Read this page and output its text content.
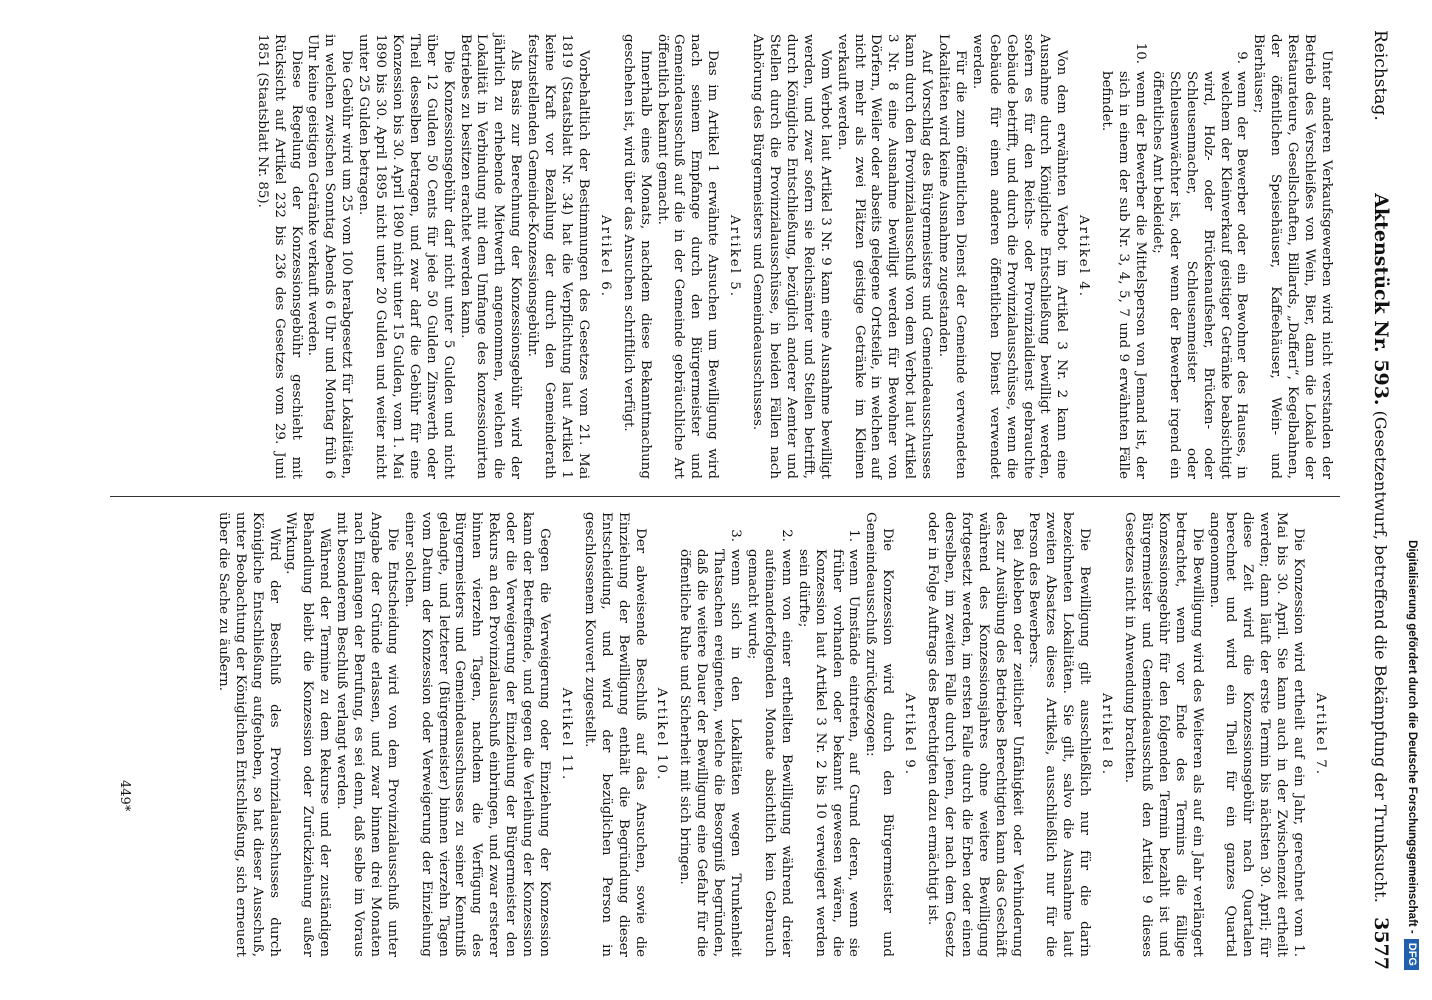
Reichstag.
Aktenstück Nr. 593. (Gesetzentwurf, betreffend die Bekämpfung der Trunksucht.
3577

Unter anderen Verkaufsgewerben wird nicht verstanden der Betrieb des Verschleißes von Wein, Bier, dann die Lokale der Restaurateure, Gesellschaften, Billards, „Dafferi“, Kegelbahnen, der öffentlichen Speisehäuser, Kaffeehäuser, Wein- und Bierhäuser;

9.
wenn der Bewerber oder ein Bewohner des Hauses, in welchem der Kleinverkauf geistiger Getränke beabsichtigt wird, Holz- oder Brückenaufseher, Brücken- oder Schleusenmacher, Schleusenmeister oder Schleusenwächter ist, oder wenn der Bewerber irgend ein öffentliches Amt bekleidet;
10.
wenn der Bewerber die Mittelsperson von Jemand ist, der sich in einem der sub Nr. 3, 4, 5, 7 und 9 erwähnten Fälle befindet.
Artikel 4.

Von dem erwähnten Verbot im Artikel 3 Nr. 2 kann eine Ausnahme durch Königliche Entschließung bewilligt werden, sofern es für den Reichs- oder Provinzialdienst gebrauchte Gebäude betrifft, und durch die Provinzialausschüsse, wenn die Gebäude für einen anderen öffentlichen Dienst verwendet werden.

Für die zum öffentlichen Dienst der Gemeinde verwendeten Lokalitäten wird keine Ausnahme zugestanden.

Auf Vorschlag des Bürgermeisters und Gemeindeausschusses kann durch den Provinzialausschuß von dem Verbot laut Artikel 3 Nr. 8 eine Ausnahme bewilligt werden für Bewohner von Dörfern, Weiler oder abseits gelegene Ortsteile, in welchen auf nicht mehr als zwei Plätzen geistige Getränke im Kleinen verkauft werden.

Vom Verbot laut Artikel 3 Nr. 9 kann eine Ausnahme bewilligt werden, und zwar sofern sie Reichsämter und Stellen betrifft, durch Königliche Entschließung, bezüglich anderer Aemter und Stellen durch die Provinzialausschüsse, in beiden Fällen nach Anhörung des Bürgermeisters und Gemeindeausschusses.

Artikel 5.

Das im Artikel 1 erwähnte Ansuchen um Bewilligung wird nach seinem Empfange durch den Bürgermeister und Gemeindeausschuß auf die in der Gemeinde gebräuchliche Art öffentlich bekannt gemacht.

Innerhalb eines Monats, nachdem diese Bekanntmachung geschehen ist, wird über das Ansuchen schriftlich verfügt.

Artikel 6.

Vorbehaltlich der Bestimmungen des Gesetzes vom 21. Mai 1819 (Staatsblatt Nr. 34) hat die Verpflichtung laut Artikel 1 keine Kraft vor Bezahlung der durch den Gemeinderath festzustellenden Gemeinde-Konzessionsgebühr.

Als Basis zur Berechnung der Konzessionsgebühr wird der jährlich zu erhebende Mietwerth angenommen, welchen die Lokalität in Verbindung mit dem Umfange des konzessionirten Betriebes zu besitzen erachtet werden kann.

Die Konzessionsgebühr darf nicht unter 5 Gulden und nicht über 12 Gulden 50 Cents für jede 50 Gulden Zinswerth oder Theil desselben betragen, und zwar darf die Gebühr für eine Konzession bis 30. April 1890 nicht unter 15 Gulden, vom 1. Mai 1890 bis 30. April 1895 nicht unter 20 Gulden und weiter nicht unter 25 Gulden betragen.

Die Gebühr wird um 25 vom 100 herabgesetzt für Lokalitäten, in welchen zwischen Sonntag Abends 6 Uhr und Montag früh 6 Uhr keine geistigen Getränke verkauft werden.

Diese Regelung der Konzessionsgebühr geschieht mit Rücksicht auf Artikel 232 bis 236 des Gesetzes vom 29. Juni 1851 (Staatsblatt Nr. 85).

Artikel 7.

Die Konzession wird ertheilt auf ein Jahr, gerechnet vom 1. Mai bis 30. April. Sie kann auch in der Zwischenzeit ertheilt werden; dann läuft der erste Termin bis nächsten 30. April; für diese Zeit wird die Konzessionsgebühr nach Quartalen berechnet und wird ein Theil für ein ganzes Quartal angenommen.

Die Bewilligung wird des Weiteren als auf ein Jahr verlängert betrachtet, wenn vor Ende des Termins die fällige Konzessionsgebühr für den folgenden Termin bezahlt ist und Bürgermeister und Gemeindeausschuß den Artikel 9 dieses Gesetzes nicht in Anwendung brachten.

Artikel 8.

Die Bewilligung gilt ausschließlich nur für die darin bezeichneten Lokalitäten. Sie gilt, salvo die Ausnahme laut zweiten Absatzes dieses Artikels, ausschließlich nur für die Person des Bewerbers.

Bei Ableben oder zeitlicher Unfähigkeit oder Verhinderung des zur Ausübung des Betriebes Berechtigten kann das Geschäft während des Konzessionsjahres ohne weitere Bewilligung fortgesetzt werden, im ersten Falle durch die Erben oder einen derselben, im zweiten Falle durch jenen, der nach dem Gesetz oder in Folge Auftrags des Berechtigten dazu ermächtigt ist.

Artikel 9.

Die Konzession wird durch den Bürgermeister und Gemeindeausschuß zurückgezogen:

1.
wenn Umstände eintreten, auf Grund deren, wenn sie früher vorhanden oder bekannt gewesen wären, die Konzession laut Artikel 3 Nr. 2 bis 10 verweigert werden sein dürfte;
2.
wenn von einer ertheilten Bewilligung während dreier aufeinanderfolgenden Monate absichtlich kein Gebrauch gemacht wurde;
3.
wenn sich in den Lokalitäten wegen Trunkenheit Thatsachen ereigneten, welche die Besorgniß begründen, daß die weitere Dauer der Bewilligung eine Gefahr für die öffentliche Ruhe und Sicherheit mit sich bringen.
Artikel 10.

Der abweisende Beschluß auf das Ansuchen, sowie die Einziehung der Bewilligung enthält die Begründung dieser Entscheidung, und wird der bezüglichen Person in geschlossenem Kouvert zugestellt.

Artikel 11.

Gegen die Verweigerung oder Einziehung der Konzession kann der Betreffende, und gegen die Verleihung der Konzession oder die Verweigerung der Einziehung der Bürgermeister den Rekurs an den Provinzialausschuß einbringen, und zwar ersterer binnen vierzehn Tagen, nachdem die Verfügung des Bürgermeisters und Gemeindeausschusses zu seiner Kenntniß gelangte, und letzterer (Bürgermeister) binnen vierzehn Tagen vom Datum der Konzession oder Verweigerung der Einziehung einer solchen.

Die Entscheidung wird von dem Provinzialausschuß unter Angabe der Gründe erlassen, und zwar binnen drei Monaten nach Einlangen der Berufung, es sei denn, daß selbe im Voraus mit besonderem Beschluß verlangt werden.

Während der Termine zu dem Rekurse und der zuständigen Behandlung bleibt die Konzession oder Zurückziehung außer Wirkung.

Wird der Beschluß des Provinzialausschusses durch Königliche Entschließung aufgehoben, so hat dieser Ausschuß, unter Beobachtung der Königlichen Entschließung, sich erneuert über die Sache zu äußern.

449*	Digitalisierung gefördert durch die Deutsche Forschungsgemeinschaft -
DFG
